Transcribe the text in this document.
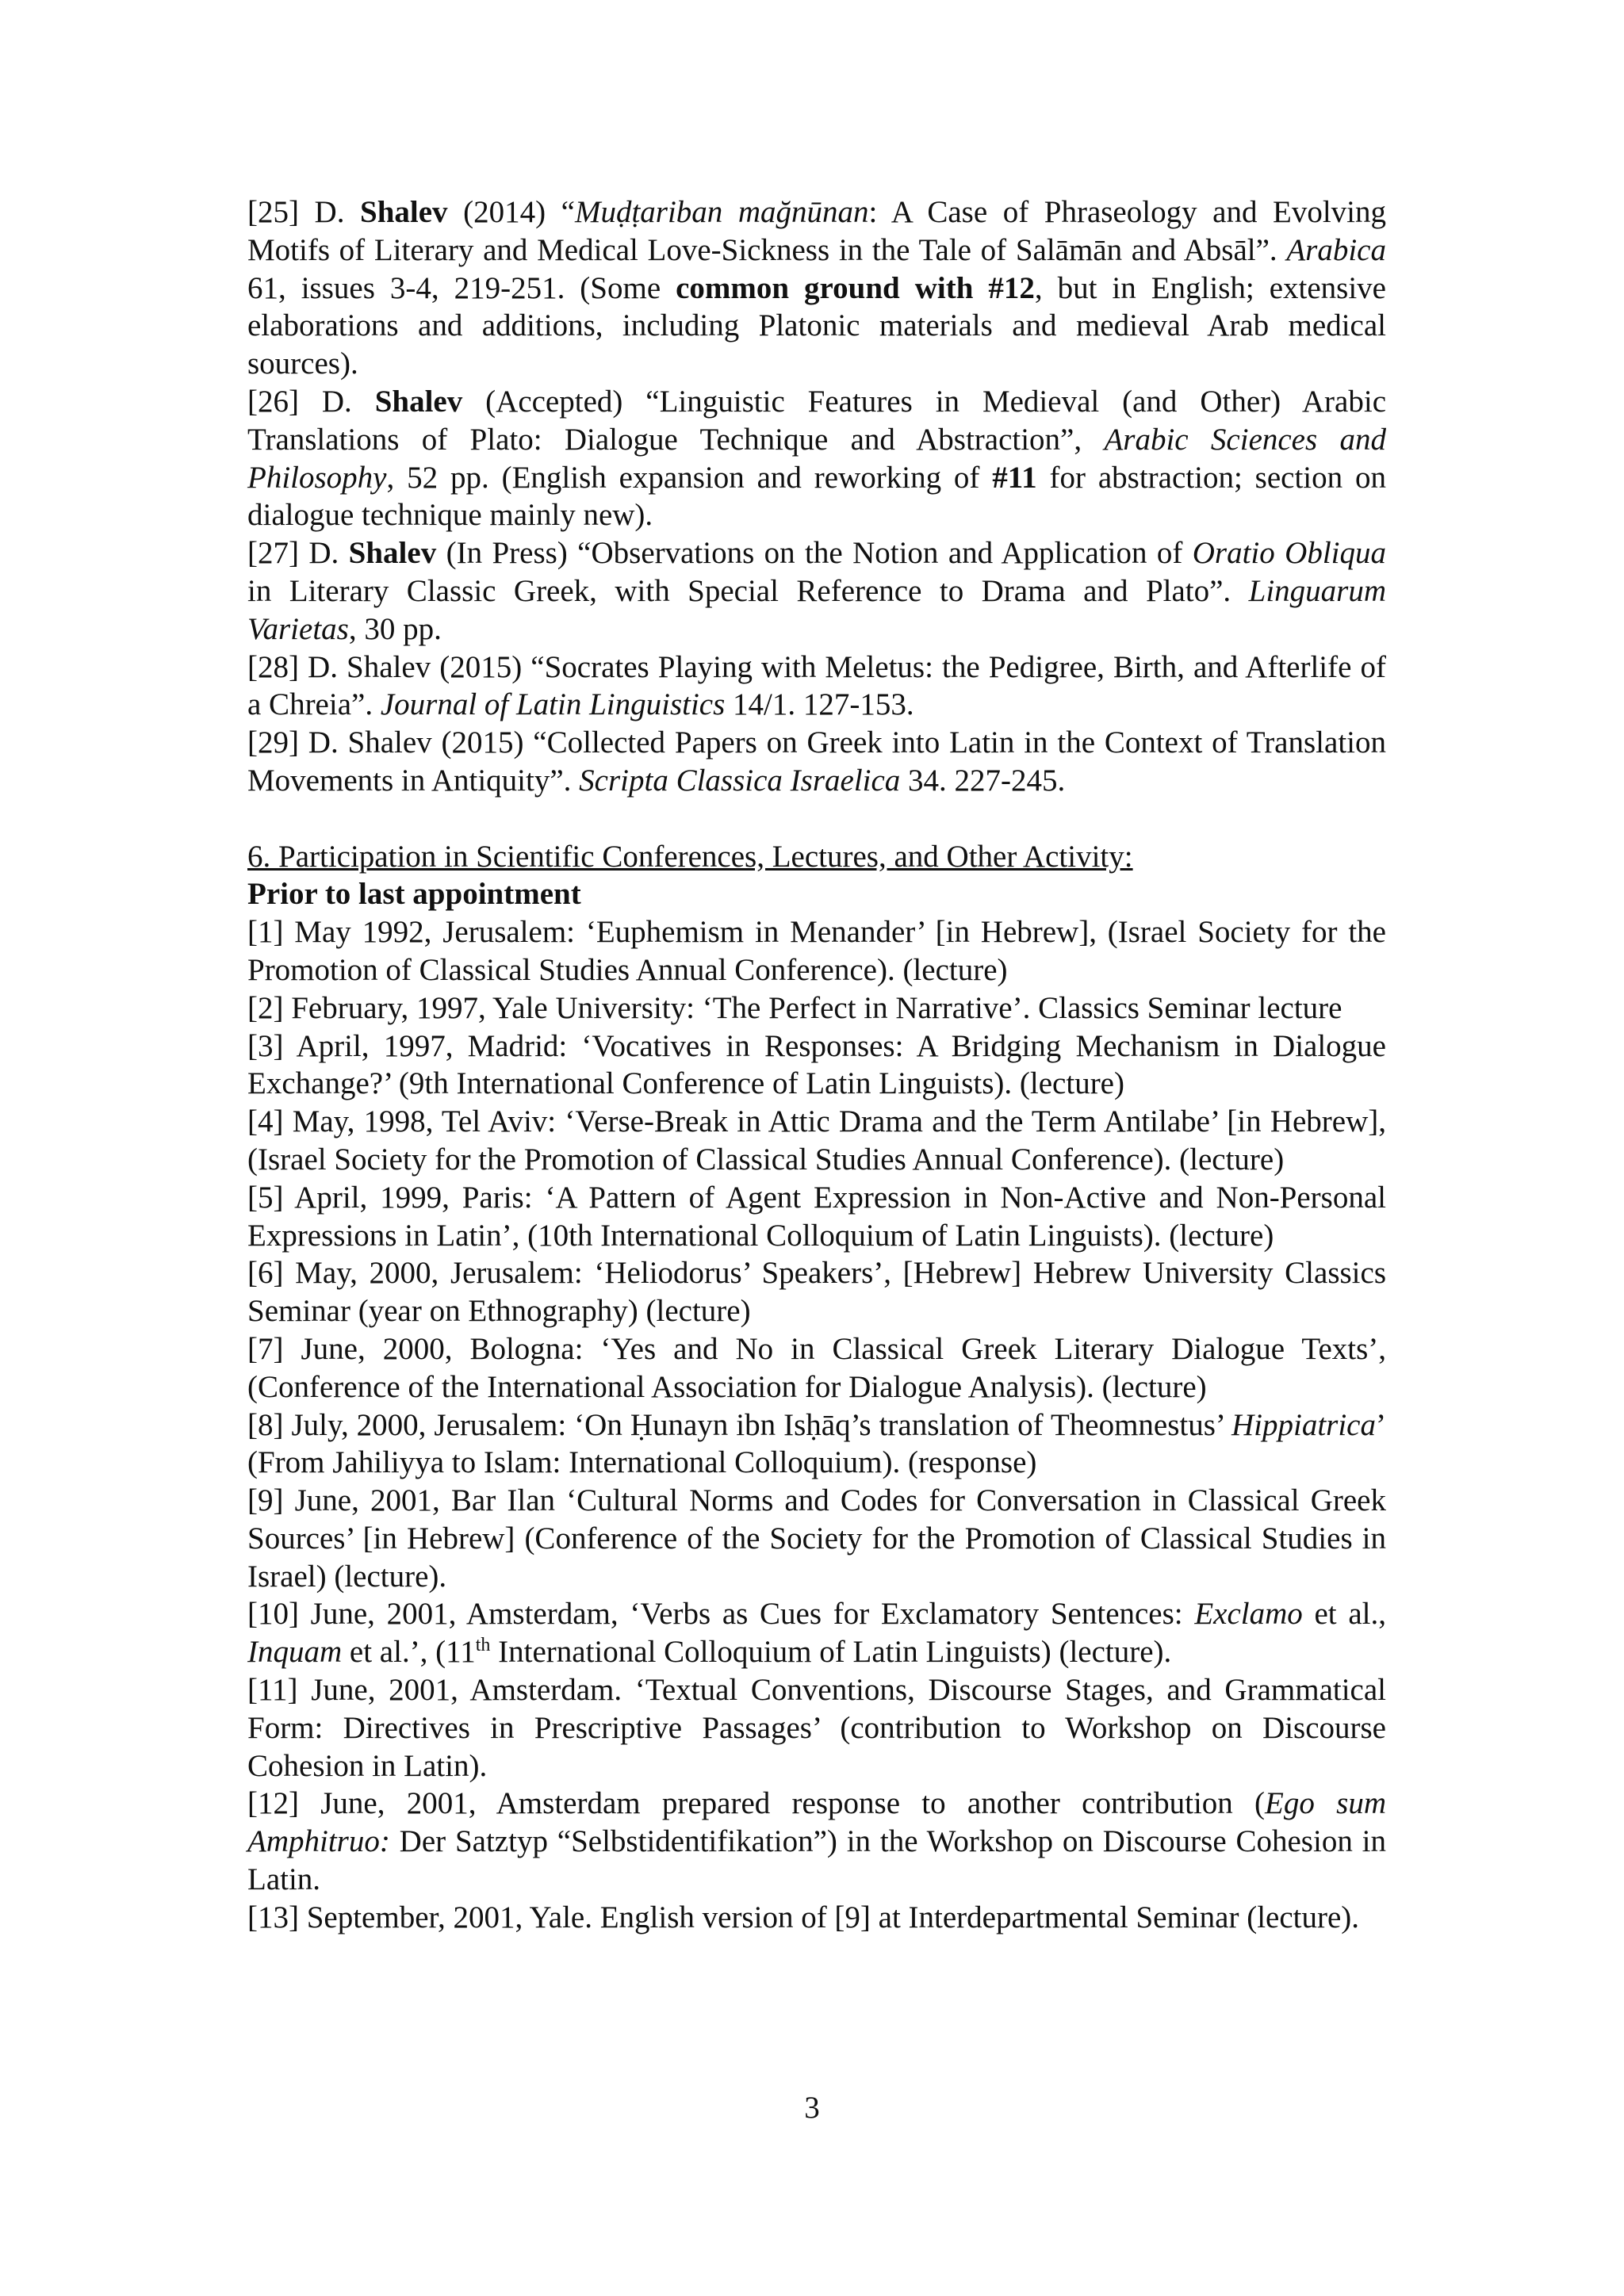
[25] D. Shalev (2014) “Muḍṭariban mağnūnan: A Case of Phraseology and Evolving Motifs of Literary and Medical Love-Sickness in the Tale of Salāmān and Absāl”. Arabica 61, issues 3-4, 219-251. (Some common ground with #12, but in English; extensive elaborations and additions, including Platonic materials and medieval Arab medical sources).

[26] D. Shalev (Accepted) “Linguistic Features in Medieval (and Other) Arabic Translations of Plato: Dialogue Technique and Abstraction”, Arabic Sciences and Philosophy, 52 pp. (English expansion and reworking of #11 for abstraction; section on dialogue technique mainly new).

[27] D. Shalev (In Press) “Observations on the Notion and Application of Oratio Obliqua in Literary Classic Greek, with Special Reference to Drama and Plato”. Linguarum Varietas, 30 pp.

[28] D. Shalev (2015) “Socrates Playing with Meletus: the Pedigree, Birth, and Afterlife of a Chreia”. Journal of Latin Linguistics 14/1. 127-153.

[29] D. Shalev (2015) “Collected Papers on Greek into Latin in the Context of Translation Movements in Antiquity”. Scripta Classica Israelica 34. 227-245.

6. Participation in Scientific Conferences, Lectures, and Other Activity:

Prior to last appointment

[1] May 1992, Jerusalem: ‘Euphemism in Menander’ [in Hebrew], (Israel Society for the Promotion of Classical Studies Annual Conference). (lecture)

[2] February, 1997, Yale University: ‘The Perfect in Narrative’. Classics Seminar lecture

[3] April, 1997, Madrid: ‘Vocatives in Responses: A Bridging Mechanism in Dialogue Exchange?’ (9th International Conference of Latin Linguists). (lecture)

[4] May, 1998, Tel Aviv: ‘Verse-Break in Attic Drama and the Term Antilabe’ [in Hebrew], (Israel Society for the Promotion of Classical Studies Annual Conference). (lecture)

[5] April, 1999, Paris: ‘A Pattern of Agent Expression in Non-Active and Non-Personal Expressions in Latin’, (10th International Colloquium of Latin Linguists). (lecture)

[6] May, 2000, Jerusalem: ‘Heliodorus’ Speakers’, [Hebrew] Hebrew University Classics Seminar (year on Ethnography) (lecture)

[7] June, 2000, Bologna: ‘Yes and No in Classical Greek Literary Dialogue Texts’, (Conference of the International Association for Dialogue Analysis). (lecture)

[8] July, 2000, Jerusalem: ‘On Ḥunayn ibn Isḥāq’s translation of Theomnestus’ Hippiatrica’ (From Jahiliyya to Islam: International Colloquium). (response)

[9] June, 2001, Bar Ilan ‘Cultural Norms and Codes for Conversation in Classical Greek Sources’ [in Hebrew] (Conference of the Society for the Promotion of Classical Studies in Israel) (lecture).

[10] June, 2001, Amsterdam, ‘Verbs as Cues for Exclamatory Sentences: Exclamo et al., Inquam et al.’, (11th International Colloquium of Latin Linguists) (lecture).

[11] June, 2001, Amsterdam. ‘Textual Conventions, Discourse Stages, and Grammatical Form: Directives in Prescriptive Passages’ (contribution to Workshop on Discourse Cohesion in Latin).

[12] June, 2001, Amsterdam prepared response to another contribution (Ego sum Amphitruo: Der Satztyp “Selbstidentifikation”) in the Workshop on Discourse Cohesion in Latin.

[13] September, 2001, Yale. English version of [9] at Interdepartmental Seminar (lecture).

3
